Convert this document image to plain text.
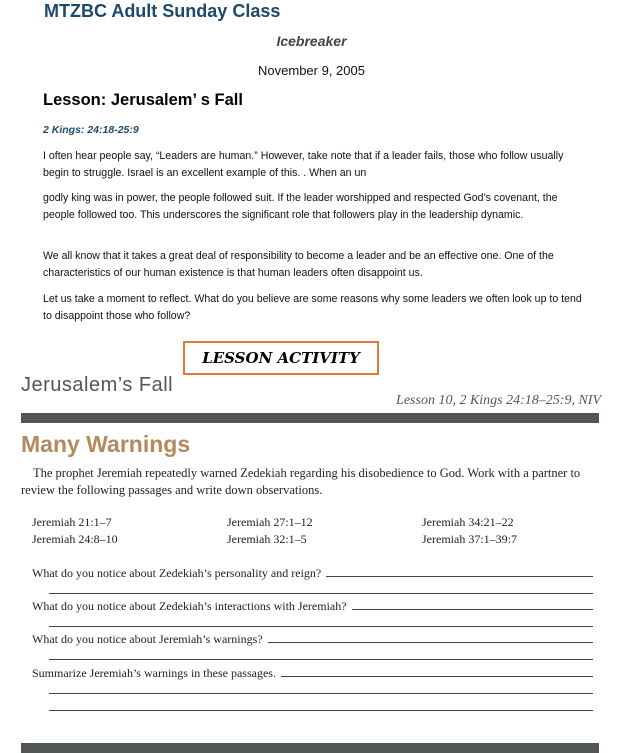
MTZBC Adult Sunday Class
Icebreaker
November 9, 2005
Lesson: Jerusalem’ s Fall
2 Kings: 24:18-25:9
I often hear people say, “Leaders are human.” However, take note that if a leader fails, those who follow usually begin to struggle. Israel is an excellent example of this. . When an un
godly king was in power, the people followed suit. If the leader worshipped and respected God’s covenant, the people followed too. This underscores the significant role that followers play in the leadership dynamic.
We all know that it takes a great deal of responsibility to become a leader and be an effective one. One of the characteristics of our human existence is that human leaders often disappoint us.
Let us take a moment to reflect. What do you believe are some reasons why some leaders we often look up to tend to disappoint those who follow?
LESSON ACTIVITY
Jerusalem’s Fall
Lesson 10, 2 Kings 24:18–25:9, NIV
Many Warnings
The prophet Jeremiah repeatedly warned Zedekiah regarding his disobedience to God. Work with a partner to review the following passages and write down observations.
Jeremiah 21:1–7	Jeremiah 27:1–12	Jeremiah 34:21–22
Jeremiah 24:8–10	Jeremiah 32:1–5	Jeremiah 37:1–39:7
What do you notice about Zedekiah’s personality and reign?
What do you notice about Zedekiah’s interactions with Jeremiah?
What do you notice about Jeremiah’s warnings?
Summarize Jeremiah’s warnings in these passages.
